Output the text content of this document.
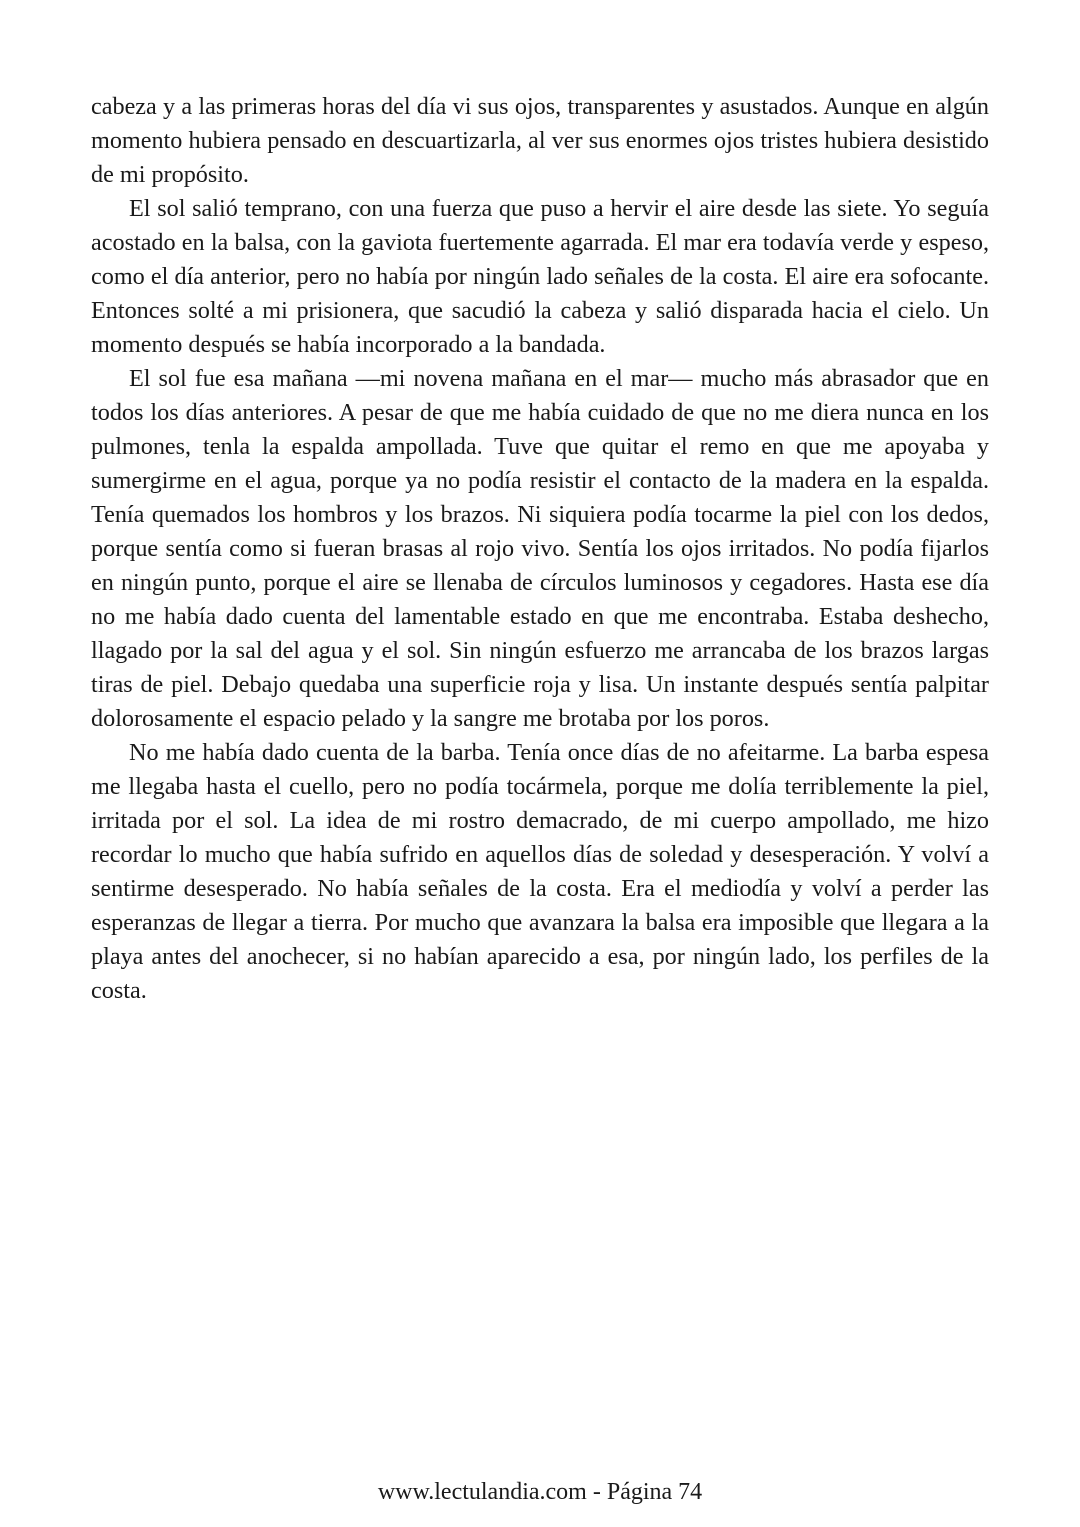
cabeza y a las primeras horas del día vi sus ojos, transparentes y asustados. Aunque en algún momento hubiera pensado en descuartizarla, al ver sus enormes ojos tristes hubiera desistido de mi propósito.

El sol salió temprano, con una fuerza que puso a hervir el aire desde las siete. Yo seguía acostado en la balsa, con la gaviota fuertemente agarrada. El mar era todavía verde y espeso, como el día anterior, pero no había por ningún lado señales de la costa. El aire era sofocante. Entonces solté a mi prisionera, que sacudió la cabeza y salió disparada hacia el cielo. Un momento después se había incorporado a la bandada.

El sol fue esa mañana —mi novena mañana en el mar— mucho más abrasador que en todos los días anteriores. A pesar de que me había cuidado de que no me diera nunca en los pulmones, tenla la espalda ampollada. Tuve que quitar el remo en que me apoyaba y sumergirme en el agua, porque ya no podía resistir el contacto de la madera en la espalda. Tenía quemados los hombros y los brazos. Ni siquiera podía tocarme la piel con los dedos, porque sentía como si fueran brasas al rojo vivo. Sentía los ojos irritados. No podía fijarlos en ningún punto, porque el aire se llenaba de círculos luminosos y cegadores. Hasta ese día no me había dado cuenta del lamentable estado en que me encontraba. Estaba deshecho, llagado por la sal del agua y el sol. Sin ningún esfuerzo me arrancaba de los brazos largas tiras de piel. Debajo quedaba una superficie roja y lisa. Un instante después sentía palpitar dolorosamente el espacio pelado y la sangre me brotaba por los poros.

No me había dado cuenta de la barba. Tenía once días de no afeitarme. La barba espesa me llegaba hasta el cuello, pero no podía tocármela, porque me dolía terriblemente la piel, irritada por el sol. La idea de mi rostro demacrado, de mi cuerpo ampollado, me hizo recordar lo mucho que había sufrido en aquellos días de soledad y desesperación. Y volví a sentirme desesperado. No había señales de la costa. Era el mediodía y volví a perder las esperanzas de llegar a tierra. Por mucho que avanzara la balsa era imposible que llegara a la playa antes del anochecer, si no habían aparecido a esa, por ningún lado, los perfiles de la costa.

www.lectulandia.com - Página 74
